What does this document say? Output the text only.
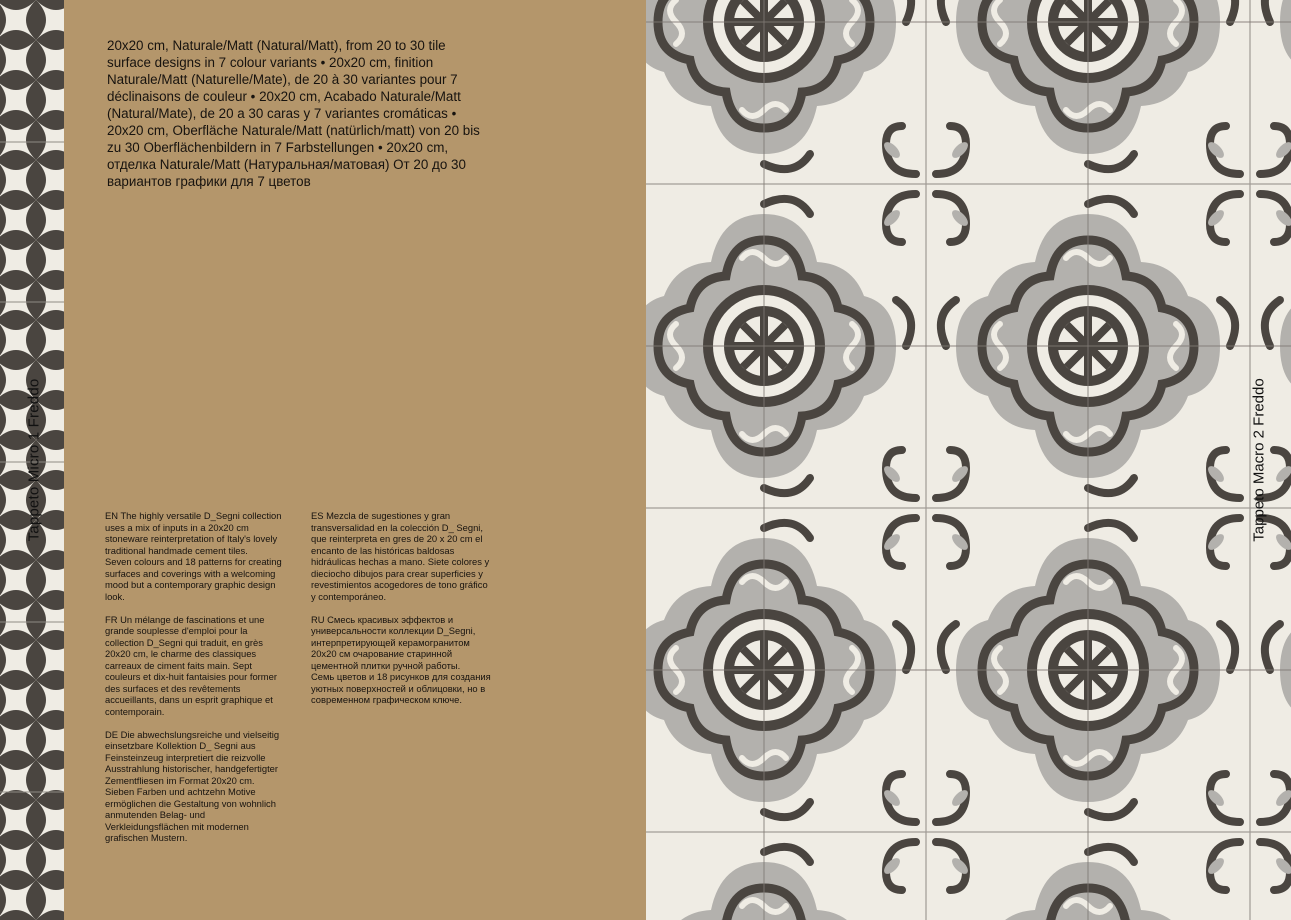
Tappeto Micro 1 Freddo

20x20 cm, Naturale/Matt (Natural/Matt), from 20 to 30 tile surface designs in 7 colour variants • 20x20 cm, finition Naturale/Matt (Naturelle/Mate), de 20 à 30 variantes pour 7 déclinaisons de couleur • 20x20 cm, Acabado Naturale/Matt (Natural/Mate), de 20 a 30 caras y 7 variantes cromáticas • 20x20 cm, Oberfläche Naturale/Matt (natürlich/matt) von 20 bis zu 30 Oberflächenbildern in 7 Farbstellungen • 20x20 cm, отделка Naturale/Matt (Натуральная/матовая) От 20 до 30 вариантов графики для 7 цветов

EN The highly versatile D_Segni collection uses a mix of inputs in a 20x20 cm stoneware reinterpretation of Italy's lovely traditional handmade cement tiles.
Seven colours and 18 patterns for creating surfaces and coverings with a welcoming mood but a contemporary graphic design look.

FR Un mélange de fascinations et une grande souplesse d'emploi pour la collection D_Segni qui traduit, en grès 20x20 cm, le charme des classiques carreaux de ciment faits main. Sept couleurs et dix-huit fantaisies pour former des surfaces et des revêtements accueillants, dans un esprit graphique et contemporain.

DE Die abwechslungsreiche und vielseitig einsetzbare Kollektion D_ Segni aus Feinsteinzeug interpretiert die reizvolle Ausstrahlung historischer, handgefertigter Zementfliesen im Format 20x20 cm. Sieben Farben und achtzehn Motive ermöglichen die Gestaltung von wohnlich anmutenden Belag- und Verkleidungsflächen mit modernen grafischen Mustern.

ES Mezcla de sugestiones y gran transversalidad en la colección D_ Segni, que reinterpreta en gres de 20 x 20 cm el encanto de las históricas baldosas hidráulicas hechas a mano. Siete colores y dieciocho dibujos para crear superficies y revestimientos acogedores de tono gráfico y contemporáneo.

RU Смесь красивых эффектов и универсальности коллекции D_Segni, интерпретирующей керамогранитом 20x20 см очарование старинной цементной плитки ручной работы.
Семь цветов и 18 рисунков для создания уютных поверхностей и облицовки, но в современном графическом ключе.

Tappeto Macro 2 Freddo
